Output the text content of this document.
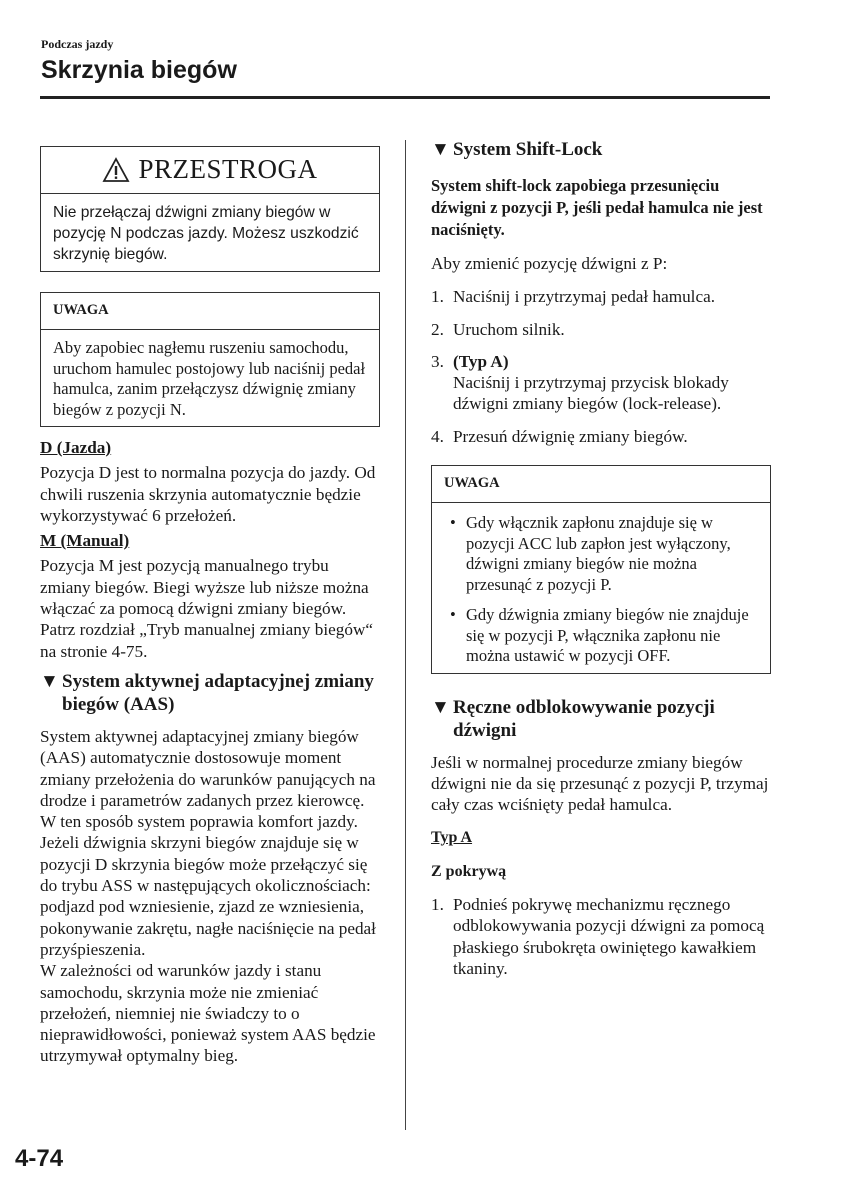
Podczas jazdy
Skrzynia biegów
PRZESTROGA
Nie przełączaj dźwigni zmiany biegów w pozycję N podczas jazdy. Możesz uszkodzić skrzynię biegów.
UWAGA
Aby zapobiec nagłemu ruszeniu samochodu, uruchom hamulec postojowy lub naciśnij pedał hamulca, zanim przełączysz dźwignię zmiany biegów z pozycji N.
D (Jazda)

Pozycja D jest to normalna pozycja do jazdy. Od chwili ruszenia skrzynia automatycznie będzie wykorzystywać 6 przełożeń.

M (Manual)

Pozycja M jest pozycją manualnego trybu zmiany biegów. Biegi wyższe lub niższe można włączać za pomocą dźwigni zmiany biegów.

Patrz rozdział „Tryb manualnej zmiany biegów“ na stronie 4-75.

▼ System aktywnej adaptacyjnej zmiany biegów (AAS)

System aktywnej adaptacyjnej zmiany biegów (AAS) automatycznie dostosowuje moment zmiany przełożenia do warunków panujących na drodze i parametrów zadanych przez kierowcę. W ten sposób system poprawia komfort jazdy.

Jeżeli dźwignia skrzyni biegów znajduje się w pozycji D skrzynia biegów może przełączyć się do trybu ASS w następujących okolicznościach: podjazd pod wzniesienie, zjazd ze wzniesienia, pokonywanie zakrętu, nagłe naciśnięcie na pedał przyśpieszenia.

W zależności od warunków jazdy i stanu samochodu, skrzynia może nie zmieniać przełożeń, niemniej nie świadczy to o nieprawidłowości, ponieważ system AAS będzie utrzymywał optymalny bieg.

▼ System Shift-Lock

System shift-lock zapobiega przesunięciu dźwigni z pozycji P, jeśli pedał hamulca nie jest naciśnięty.

Aby zmienić pozycję dźwigni z P:

1. Naciśnij i przytrzymaj pedał hamulca.
2. Uruchom silnik.
3. (Typ A)
Naciśnij i przytrzymaj przycisk blokady dźwigni zmiany biegów (lock-release).
4. Przesuń dźwignię zmiany biegów.
UWAGA
• Gdy włącznik zapłonu znajduje się w pozycji ACC lub zapłon jest wyłączony, dźwigni zmiany biegów nie można przesunąć z pozycji P.
• Gdy dźwignia zmiany biegów nie znajduje się w pozycji P, włącznika zapłonu nie można ustawić w pozycji OFF.
▼ Ręczne odblokowywanie pozycji dźwigni

Jeśli w normalnej procedurze zmiany biegów dźwigni nie da się przesunąć z pozycji P, trzymaj cały czas wciśnięty pedał hamulca.

Typ A
Z pokrywą
1. Podnieś pokrywę mechanizmu ręcznego odblokowywania pozycji dźwigni za pomocą płaskiego śrubokręta owiniętego kawałkiem tkaniny.
4-74
